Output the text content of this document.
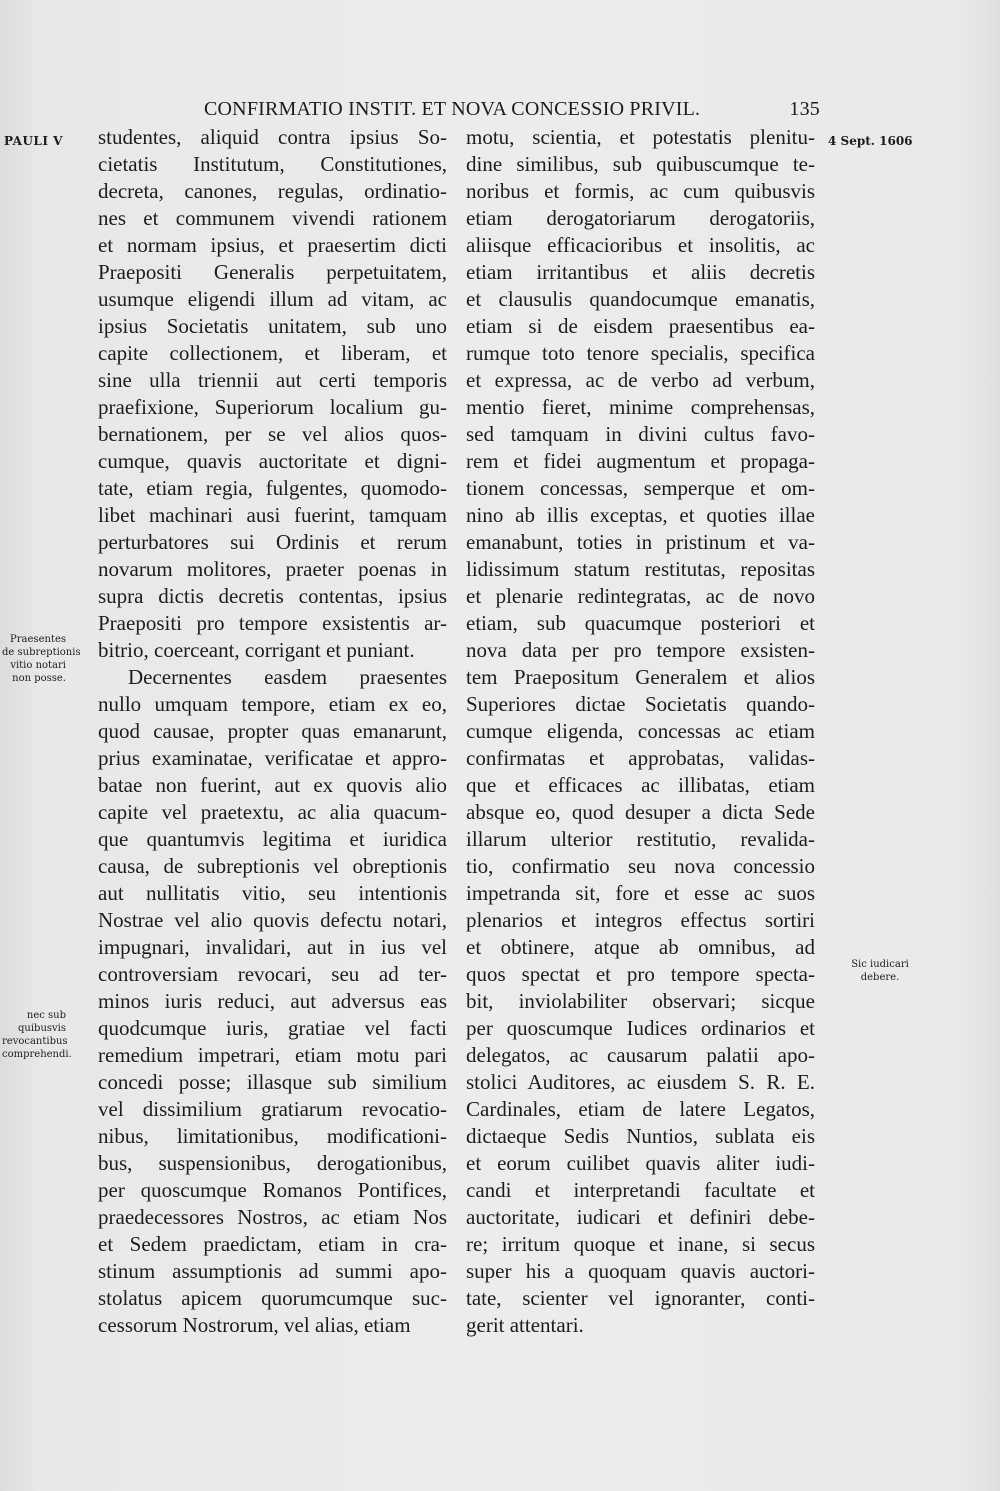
CONFIRMATIO INSTIT. ET NOVA CONCESSIO PRIVIL.	135
PAULI V	4 Sept. 1606
Praesentes
de subreptionis
vitio notari
non posse.
nec sub
quibusvis
revocantibus
comprehendi.
Sic iudicari
debere.
studentes, aliquid contra ipsius So-
cietatis Institutum, Constitutiones,
decreta, canones, regulas, ordinatio-
nes et communem vivendi rationem
et normam ipsius, et praesertim dicti
Praepositi Generalis perpetuitatem,
usumque eligendi illum ad vitam, ac
ipsius Societatis unitatem, sub uno
capite collectionem, et liberam, et
sine ulla triennii aut certi temporis
praefixione, Superiorum localium gu-
bernationem, per se vel alios quos-
cumque, quavis auctoritate et digni-
tate, etiam regia, fulgentes, quomodo-
libet machinari ausi fuerint, tamquam
perturbatores sui Ordinis et rerum
novarum molitores, praeter poenas in
supra dictis decretis contentas, ipsius
Praepositi pro tempore exsistentis ar-
bitrio, coerceant, corrigant et puniant.
Decernentes easdem praesentes
nullo umquam tempore, etiam ex eo,
quod causae, propter quas emanarunt,
prius examinatae, verificatae et appro-
batae non fuerint, aut ex quovis alio
capite vel praetextu, ac alia quacum-
que quantumvis legitima et iuridica
causa, de subreptionis vel obreptionis
aut nullitatis vitio, seu intentionis
Nostrae vel alio quovis defectu notari,
impugnari, invalidari, aut in ius vel
controversiam revocari, seu ad ter-
minos iuris reduci, aut adversus eas
quodcumque iuris, gratiae vel facti
remedium impetrari, etiam motu pari
concedi posse; illasque sub similium
vel dissimilium gratiarum revocatio-
nibus, limitationibus, modificationi-
bus, suspensionibus, derogationibus,
per quoscumque Romanos Pontifices,
praedecessores Nostros, ac etiam Nos
et Sedem praedictam, etiam in cra-
stinum assumptionis ad summi apo-
stolatus apicem quorumcumque suc-
cessorum Nostrorum, vel alias, etiam
motu, scientia, et potestatis plenitu-
dine similibus, sub quibuscumque te-
noribus et formis, ac cum quibusvis
etiam derogatoriarum derogatoriis,
aliisque efficacioribus et insolitis, ac
etiam irritantibus et aliis decretis
et clausulis quandocumque emanatis,
etiam si de eisdem praesentibus ea-
rumque toto tenore specialis, specifica
et expressa, ac de verbo ad verbum,
mentio fieret, minime comprehensas,
sed tamquam in divini cultus favo-
rem et fidei augmentum et propaga-
tionem concessas, semperque et om-
nino ab illis exceptas, et quoties illae
emanabunt, toties in pristinum et va-
lidissimum statum restitutas, repositas
et plenarie redintegratas, ac de novo
etiam, sub quacumque posteriori et
nova data per pro tempore exsisten-
tem Praepositum Generalem et alios
Superiores dictae Societatis quando-
cumque eligenda, concessas ac etiam
confirmatas et approbatas, validas-
que et efficaces ac illibatas, etiam
absque eo, quod desuper a dicta Sede
illarum ulterior restitutio, revalida-
tio, confirmatio seu nova concessio
impetranda sit, fore et esse ac suos
plenarios et integros effectus sortiri
et obtinere, atque ab omnibus, ad
quos spectat et pro tempore specta-
bit, inviolabiliter observari; sicque
per quoscumque Iudices ordinarios et
delegatos, ac causarum palatii apo-
stolici Auditores, ac eiusdem S. R. E.
Cardinales, etiam de latere Legatos,
dictaeque Sedis Nuntios, sublata eis
et eorum cuilibet quavis aliter iudi-
candi et interpretandi facultate et
auctoritate, iudicari et definiri debe-
re; irritum quoque et inane, si secus
super his a quoquam quavis auctori-
tate, scienter vel ignoranter, conti-
gerit attentari.
